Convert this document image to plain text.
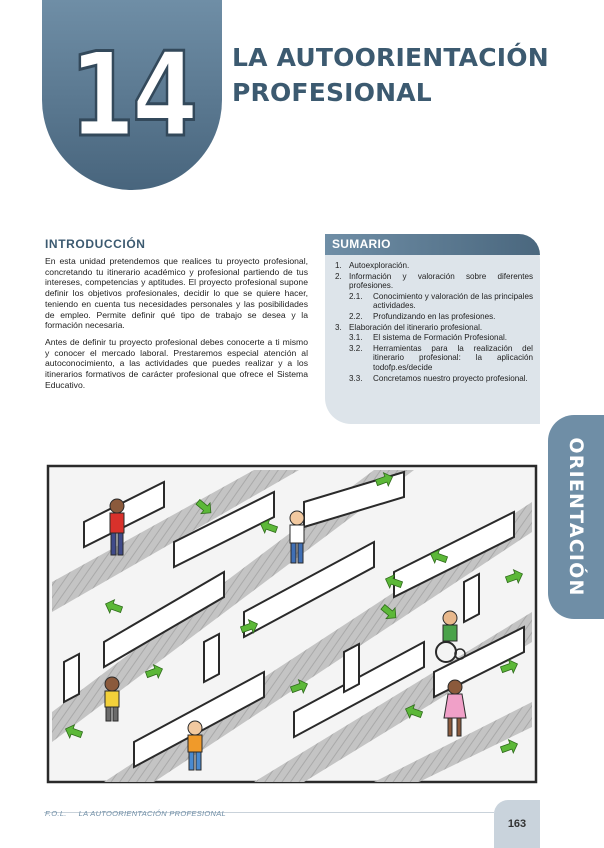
14	LA AUTOORIENTACIÓN
PROFESIONAL
INTRODUCCIÓN

En esta unidad pretendemos que realices tu proyecto profesional, concretando tu itinerario académico y profesional partiendo de tus intereses, competencias y aptitudes. El proyecto profesional supone definir los objetivos profesionales, decidir lo que se quiere hacer, teniendo en cuenta tus necesidades personales y las posibilidades de empleo. Permite definir qué tipo de trabajo se desea y la formación necesaria.

Antes de definir tu proyecto profesional debes conocerte a ti mismo y conocer el mercado laboral. Prestaremos especial atención al autoconocimiento, a las actividades que puedes realizar y a los itinerarios formativos de carácter profesional que ofrece el Sistema Educativo.

SUMARIO
1. Autoexploración.
2. Información y valoración sobre diferentes profesiones.
2.1.	Conocimiento y valoración de las principales actividades.
2.2.	Profundizando en las profesiones.
3. Elaboración del itinerario profesional.
3.1.	El sistema de Formación Profesional.
3.2.	Herramientas para la realización del itinerario profesional: la aplicación todofp.es/decide
3.3.	Concretamos nuestro proyecto profesional.
ORIENTACIÓN
F.O.L. LA AUTOORIENTACIÓN PROFESIONAL
163
